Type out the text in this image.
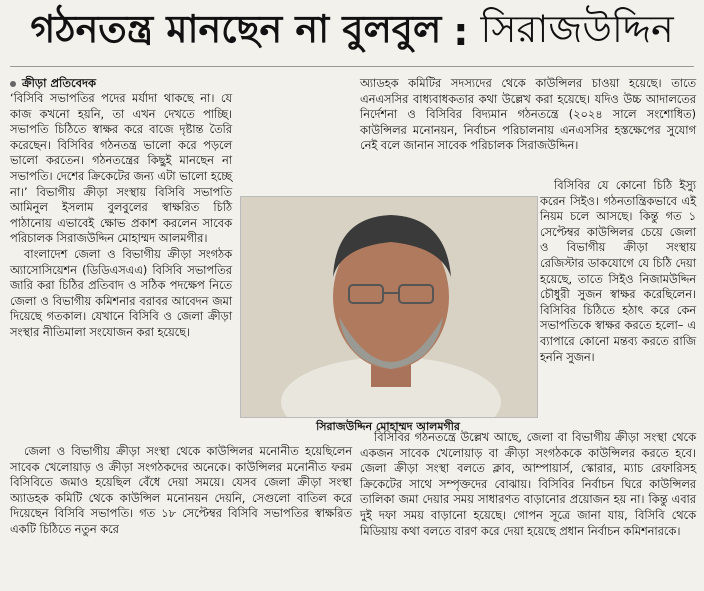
গঠনতন্ত্র মানছেন না বুলবুল : সিরাজউদ্দিন
ক্রীড়া প্রতিবেদক

‘বিসিবি সভাপতির পদের মর্যাদা থাকছে না। যে কাজ কখনো হয়নি, তা এখন দেখতে পাচ্ছি। সভাপতি চিঠিতে স্বাক্ষর করে বাজে দৃষ্টান্ত তৈরি করেছেন। বিসিবির গঠনতন্ত্র ভালো করে পড়লে ভালো করতেন। গঠনতন্ত্রের কিছুই মানছেন না সভাপতি। দেশের ক্রিকেটের জন্য এটা ভালো হচ্ছে না।’ বিভাগীয় ক্রীড়া সংস্থায় বিসিবি সভাপতি আমিনুল ইসলাম বুলবুলের স্বাক্ষরিত চিঠি পাঠানোয় এভাবেই ক্ষোভ প্রকাশ করলেন সাবেক পরিচালক সিরাজউদ্দিন মোহাম্মদ আলমগীর।

বাংলাদেশ জেলা ও বিভাগীয় ক্রীড়া সংগঠক অ্যাসোসিয়েশন (ডিডিএসএএ) বিসিবি সভাপতির জারি করা চিঠির প্রতিবাদ ও সঠিক পদক্ষেপ নিতে জেলা ও বিভাগীয় কমিশনার বরাবর আবেদন জমা দিয়েছে গতকাল। যেখানে বিসিবি ও জেলা ক্রীড়া সংস্থার নীতিমালা সংযোজন করা হয়েছে।

সিরাজউদ্দিন মোহাম্মদ আলমগীর

জেলা ও বিভাগীয় ক্রীড়া সংস্থা থেকে কাউন্সিলর মনোনীত হয়েছিলেন সাবেক খেলোয়াড় ও ক্রীড়া সংগঠকদের অনেকে। কাউন্সিলর মনোনীত ফরম বিসিবিতে জমাও হয়েছিল বেঁধে দেয়া সময়ে। যেসব জেলা ক্রীড়া সংস্থা অ্যাডহক কমিটি থেকে কাউন্সিল মনোনয়ন দেয়নি, সেগুলো বাতিল করে দিয়েছেন বিসিবি সভাপতি। গত ১৮ সেপ্টেম্বর বিসিবি সভাপতির স্বাক্ষরিত একটি চিঠিতে নতুন করে

অ্যাডহক কমিটির সদস্যদের থেকে কাউন্সিলর চাওয়া হয়েছে। তাতে এনএসসির বাধ্যবাধকতার কথা উল্লেখ করা হয়েছে। যদিও উচ্চ আদালতের নির্দেশনা ও বিসিবির বিদ্যমান গঠনতন্ত্রে (২০২৪ সালে সংশোধিত) কাউন্সিলর মনোনয়ন, নির্বাচন পরিচালনায় এনএসসির হস্তক্ষেপের সুযোগ নেই বলে জানান সাবেক পরিচালক সিরাজউদ্দিন।

বিসিবির যে কোনো চিঠি ইস্যু করেন সিইও। গঠনতান্ত্রিকভাবে এই নিয়ম চলে আসছে। কিন্তু গত ১ সেপ্টেম্বর কাউন্সিলর চেয়ে জেলা ও বিভাগীয় ক্রীড়া সংস্থায় রেজিস্টার ডাকযোগে যে চিঠি দেয়া হয়েছে, তাতে সিইও নিজামউদ্দিন চৌধুরী সুজন স্বাক্ষর করেছিলেন। বিসিবির চিঠিতে হঠাৎ করে কেন সভাপতিকে স্বাক্ষর করতে হলো– এ ব্যাপারে কোনো মন্তব্য করতে রাজি হননি সুজন।

বিসিবির গঠনতন্ত্রে উল্লেখ আছে, জেলা বা বিভাগীয় ক্রীড়া সংস্থা থেকে একজন সাবেক খেলোয়াড় বা ক্রীড়া সংগঠককে কাউন্সিলর করতে হবে। জেলা ক্রীড়া সংস্থা বলতে ক্লাব, আম্পায়ার্স, স্কোরার, ম্যাচ রেফারিসহ ক্রিকেটের সাথে সম্পৃক্তদের বোঝায়। বিসিবির নির্বাচন ঘিরে কাউন্সিলর তালিকা জমা দেয়ার সময় সাধারণত বাড়ানোর প্রয়োজন হয় না। কিন্তু এবার দুই দফা সময় বাড়ানো হয়েছে। গোপন সূত্রে জানা যায়, বিসিবি থেকে মিডিয়ায় কথা বলতে বারণ করে দেয়া হয়েছে প্রধান নির্বাচন কমিশনারকে।
